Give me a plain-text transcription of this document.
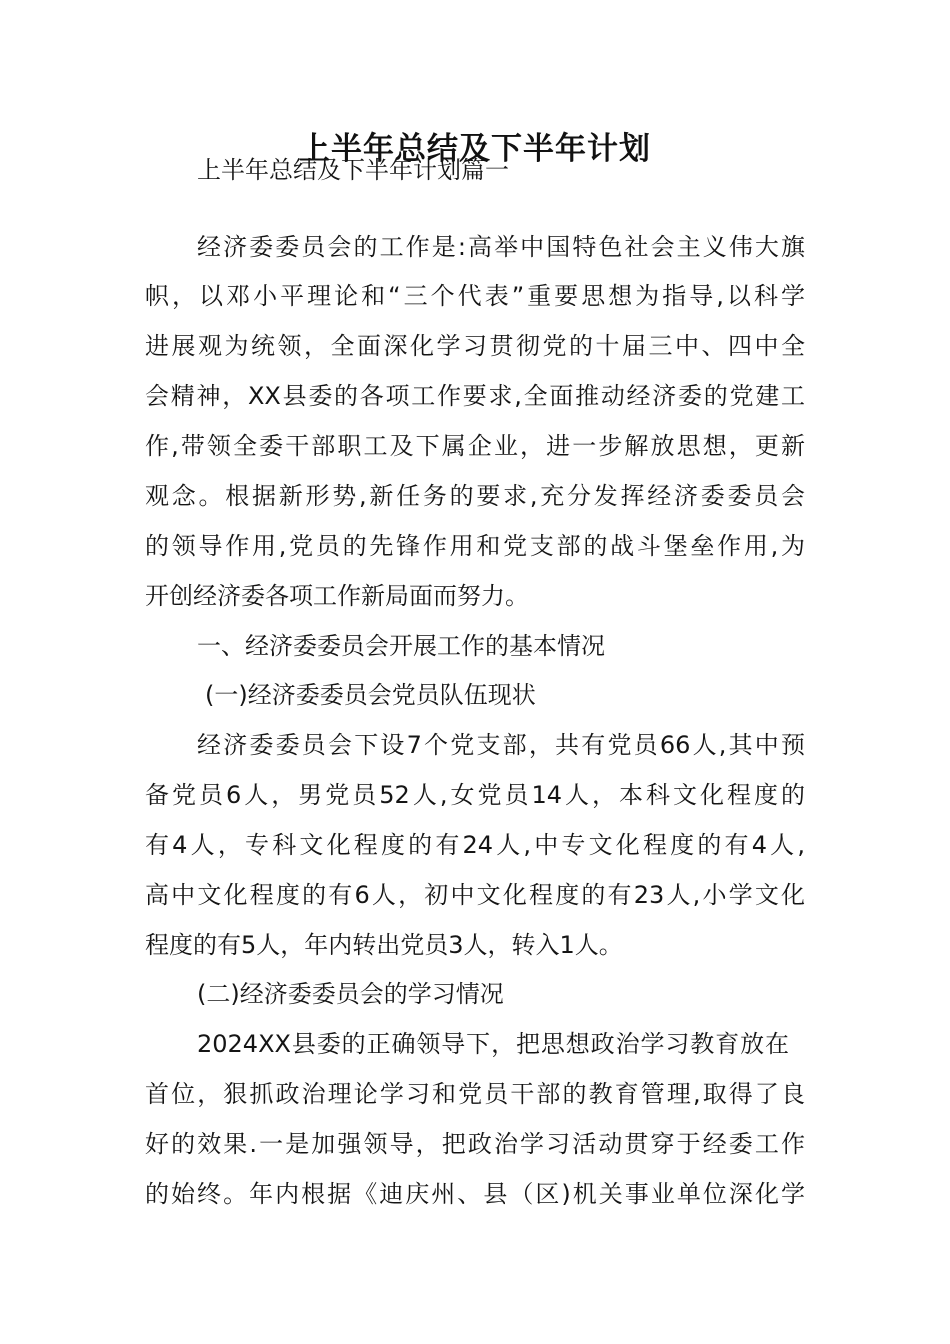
上半年总结及下半年计划
上半年总结及下半年计划篇一
经济委委员会的工作是:高举中国特色社会主义伟大旗
帜，以邓小平理论和“三个代表”重要思想为指导,以科学
进展观为统领，全面深化学习贯彻党的十届三中、四中全
会精神，XX县委的各项工作要求,全面推动经济委的党建工
作,带领全委干部职工及下属企业，进一步解放思想，更新
观念。根据新形势,新任务的要求,充分发挥经济委委员会
的领导作用,党员的先锋作用和党支部的战斗堡垒作用,为
开创经济委各项工作新局面而努力。
一、经济委委员会开展工作的基本情况
(一)经济委委员会党员队伍现状
经济委委员会下设7个党支部，共有党员66人,其中预
备党员6人，男党员52人,女党员14人，本科文化程度的
有4人，专科文化程度的有24人,中专文化程度的有4人,
高中文化程度的有6人，初中文化程度的有23人,小学文化
程度的有5人，年内转出党员3人，转入1人。
(二)经济委委员会的学习情况
2024XX县委的正确领导下，把思想政治学习教育放在
首位，狠抓政治理论学习和党员干部的教育管理,取得了良
好的效果.一是加强领导，把政治学习活动贯穿于经委工作
的始终。年内根据《迪庆州、县（区)机关事业单位深化学
